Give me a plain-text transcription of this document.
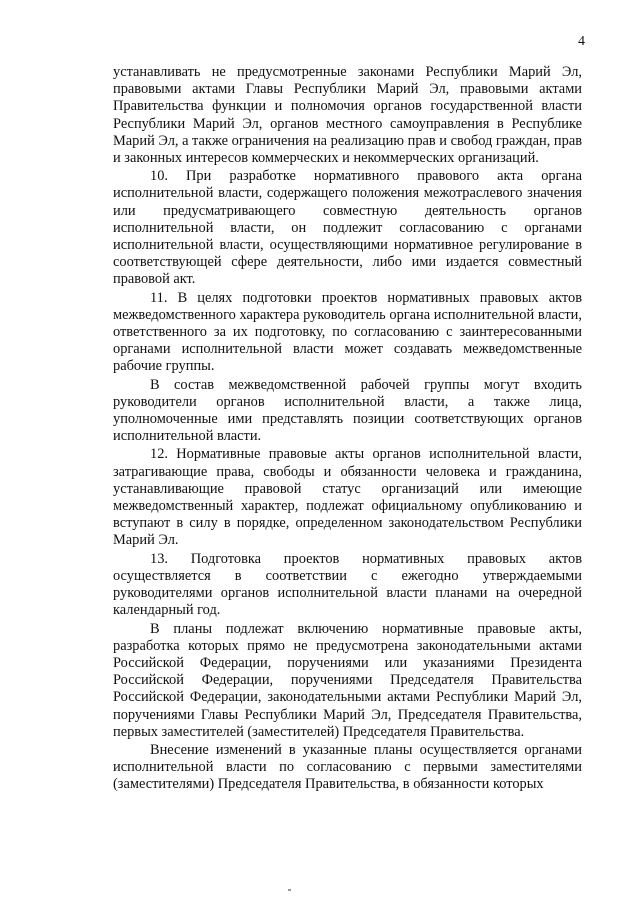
4

устанавливать не предусмотренные законами Республики Марий Эл, правовыми актами Главы Республики Марий Эл, правовыми актами Правительства функции и полномочия органов государственной власти Республики Марий Эл, органов местного самоуправления в Республике Марий Эл, а также ограничения на реализацию прав и свобод граждан, прав и законных интересов коммерческих и некоммерческих организаций.

10. При разработке нормативного правового акта органа исполнительной власти, содержащего положения межотраслевого значения или предусматривающего совместную деятельность органов исполнительной власти, он подлежит согласованию с органами исполнительной власти, осуществляющими нормативное регулирование в соответствующей сфере деятельности, либо ими издается совместный правовой акт.

11. В целях подготовки проектов нормативных правовых актов межведомственного характера руководитель органа исполнительной власти, ответственного за их подготовку, по согласованию с заинтересованными органами исполнительной власти может создавать межведомственные рабочие группы.

В состав межведомственной рабочей группы могут входить руководители органов исполнительной власти, а также лица, уполномоченные ими представлять позиции соответствующих органов исполнительной власти.

12. Нормативные правовые акты органов исполнительной власти, затрагивающие права, свободы и обязанности человека и гражданина, устанавливающие правовой статус организаций или имеющие межведомственный характер, подлежат официальному опубликованию и вступают в силу в порядке, определенном законодательством Республики Марий Эл.

13. Подготовка проектов нормативных правовых актов осуществляется в соответствии с ежегодно утверждаемыми руководителями органов исполнительной власти планами на очередной календарный год.

В планы подлежат включению нормативные правовые акты, разработка которых прямо не предусмотрена законодательными актами Российской Федерации, поручениями или указаниями Президента Российской Федерации, поручениями Председателя Правительства Российской Федерации, законодательными актами Республики Марий Эл, поручениями Главы Республики Марий Эл, Председателя Правительства, первых заместителей (заместителей) Председателя Правительства.

Внесение изменений в указанные планы осуществляется органами исполнительной власти по согласованию с первыми заместителями (заместителями) Председателя Правительства, в обязанности которых
